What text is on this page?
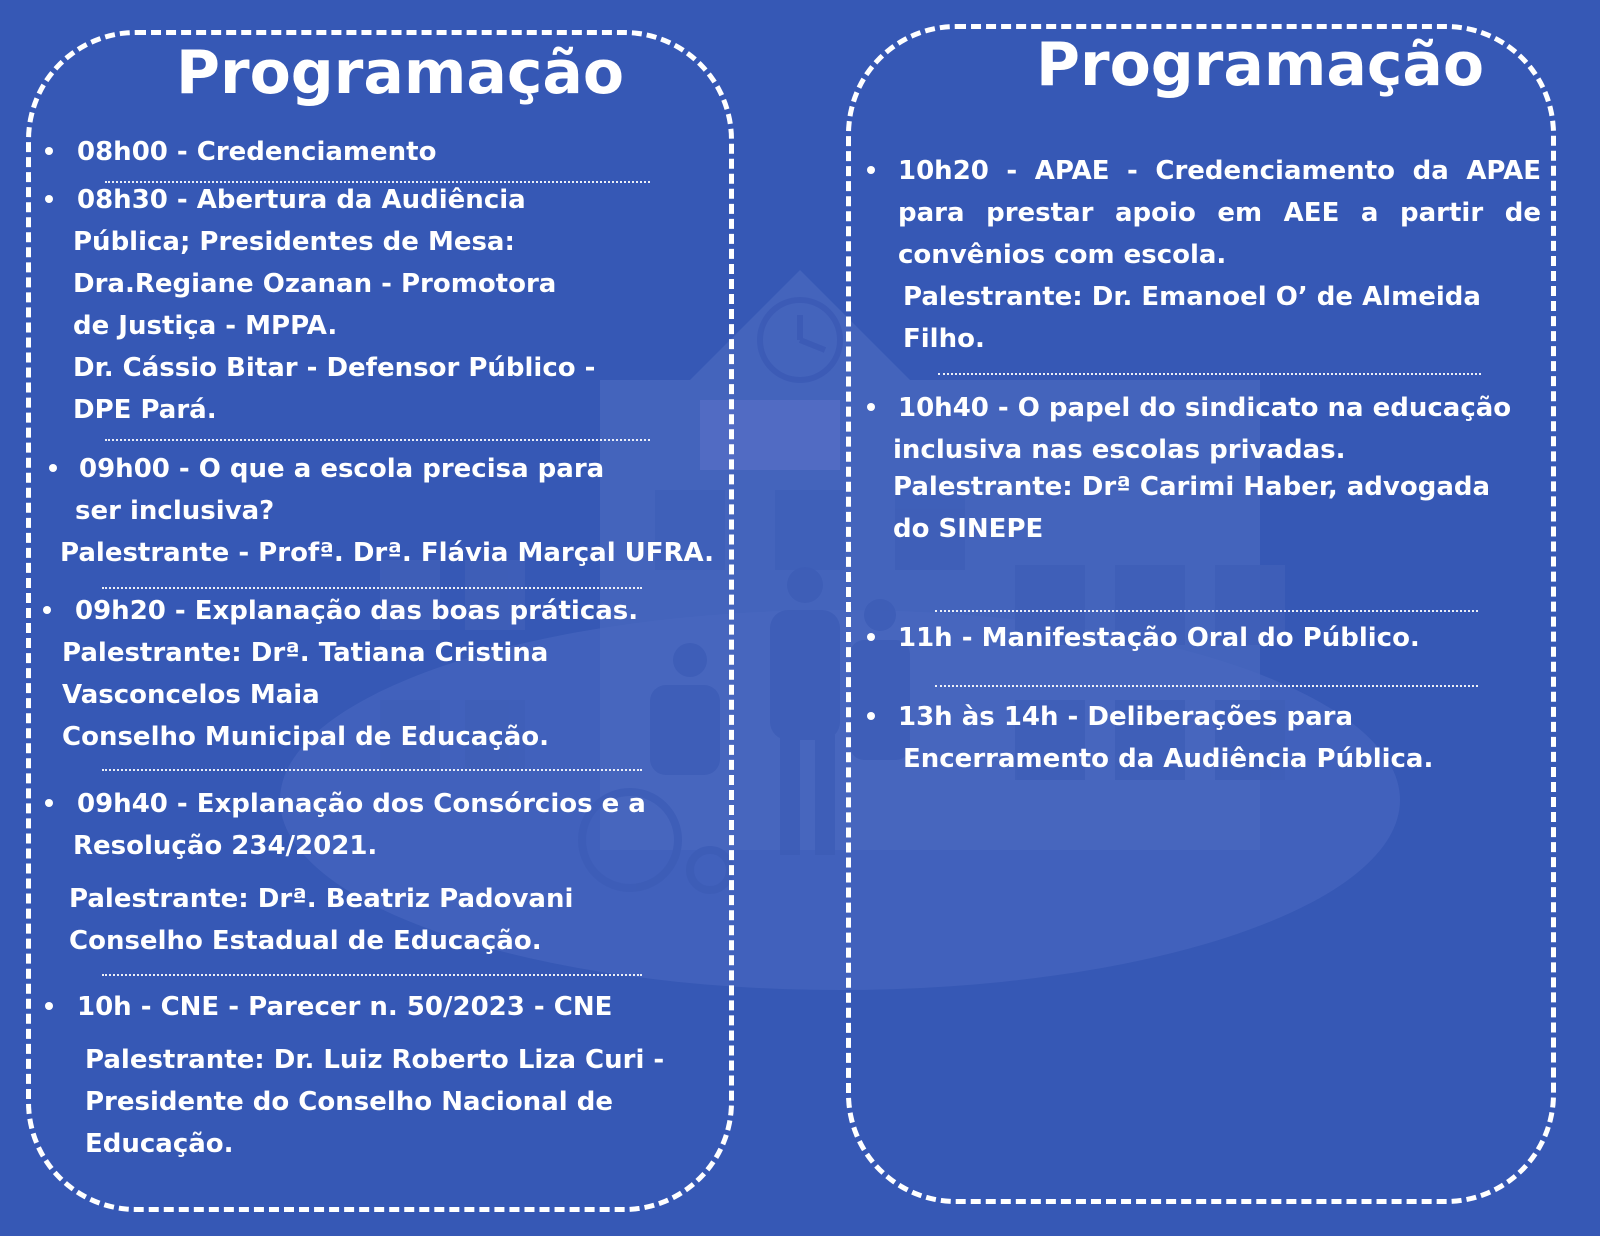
Programação	Programação
08h00 - Credenciamento
08h30 - Abertura da Audiência
Pública; Presidentes de Mesa:
Dra.Regiane Ozanan - Promotora
de Justiça - MPPA.
Dr. Cássio Bitar - Defensor Público -
DPE Pará.
09h00 - O que a escola precisa para
ser inclusiva?
Palestrante - Profª. Drª. Flávia Marçal UFRA.
09h20 - Explanação das boas práticas.
Palestrante: Drª. Tatiana Cristina
Vasconcelos Maia
Conselho Municipal de Educação.
09h40 - Explanação dos Consórcios e a
Resolução 234/2021.
Palestrante: Drª. Beatriz Padovani
Conselho Estadual de Educação.
10h - CNE - Parecer n. 50/2023 - CNE
Palestrante: Dr. Luiz Roberto Liza Curi -
Presidente do Conselho Nacional de
Educação.
10h20 - APAE - Credenciamento da APAE
para prestar apoio em AEE a partir de
convênios com escola.
Palestrante: Dr. Emanoel O’ de Almeida
Filho.
10h40 - O papel do sindicato na educação
inclusiva nas escolas privadas.
Palestrante: Drª Carimi Haber, advogada
do SINEPE
11h - Manifestação Oral do Público.
13h às 14h - Deliberações para
Encerramento da Audiência Pública.
